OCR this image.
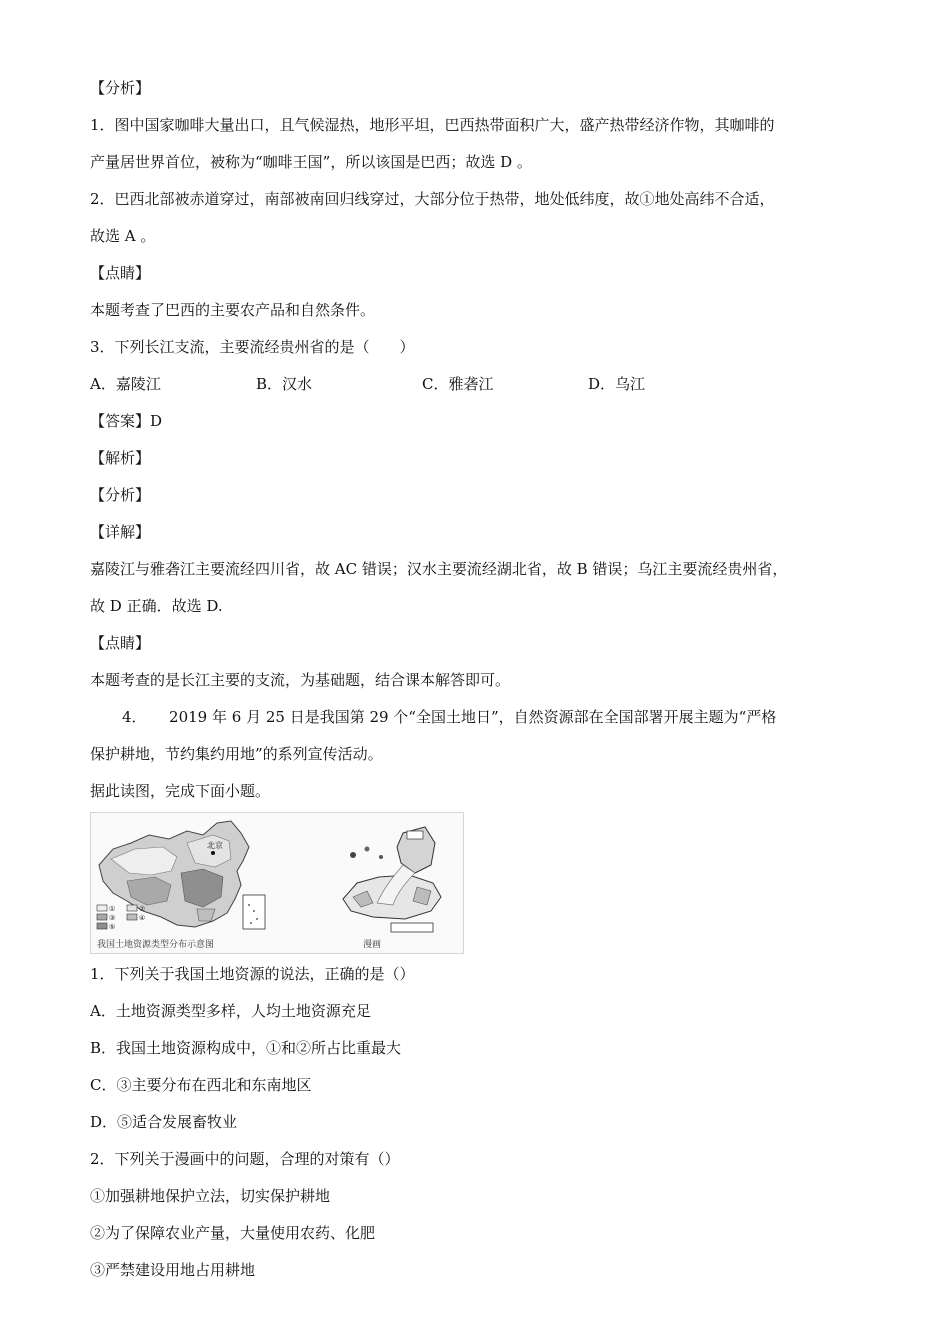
【分析】
1．图中国家咖啡大量出口，且气候湿热，地形平坦，巴西热带面积广大，盛产热带经济作物，其咖啡的
产量居世界首位，被称为“咖啡王国”，所以该国是巴西；故选 D 。
2．巴西北部被赤道穿过，南部被南回归线穿过，大部分位于热带，地处低纬度，故①地处高纬不合适，
故选 A 。
【点睛】
本题考查了巴西的主要农产品和自然条件。
3．下列长江支流，主要流经贵州省的是（　　）
A．嘉陵江	B．汉水	C．雅砻江	D．乌江
【答案】D
【解析】
【分析】
【详解】
嘉陵江与雅砻江主要流经四川省，故 AC 错误；汉水主要流经湖北省，故 B 错误；乌江主要流经贵州省，
故 D 正确．故选 D.
【点睛】
本题考查的是长江主要的支流，为基础题，结合课本解答即可。
4．　　2019 年 6 月 25 日是我国第 29 个“全国土地日”，自然资源部在全国部署开展主题为“严格
保护耕地，节约集约用地”的系列宣传活动。
据此读图，完成下面小题。
北京
①
③
⑤
②
④
我国土地资源类型分布示意图	漫画
1．下列关于我国土地资源的说法，正确的是（）
A．土地资源类型多样，人均土地资源充足
B．我国土地资源构成中，①和②所占比重最大
C．③主要分布在西北和东南地区
D．⑤适合发展畜牧业
2．下列关于漫画中的问题，合理的对策有（）
①加强耕地保护立法，切实保护耕地
②为了保障农业产量，大量使用农药、化肥
③严禁建设用地占用耕地
